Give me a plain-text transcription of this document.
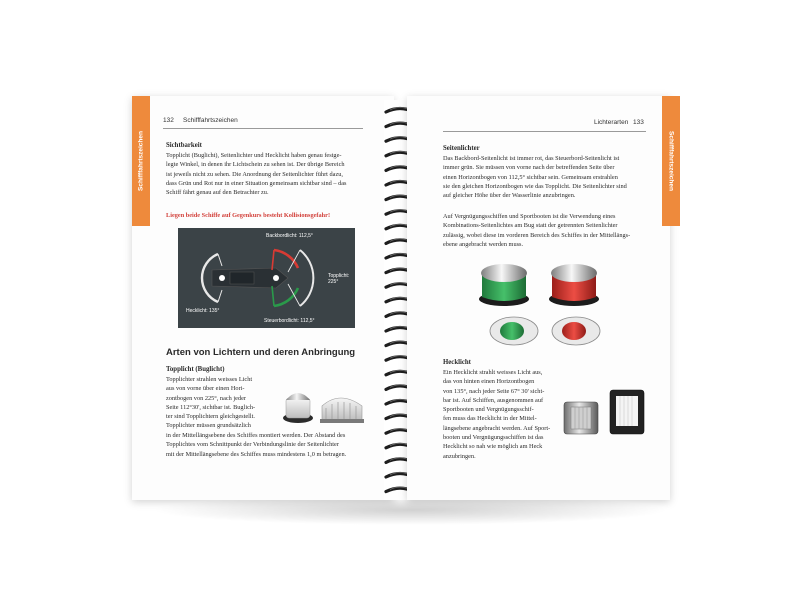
Schifffahrtszeichen
132 Schifffahrtszeichen
Sichtbarkeit
Topplicht (Buglicht), Seitenlichter und Hecklicht haben genau festge-
legte Winkel, in denen ihr Lichtschein zu sehen ist. Der übrige Bereich
ist jeweils nicht zu sehen. Die Anordnung der Seitenlichter führt dazu,
dass Grün und Rot nur in einer Situation gemeinsam sichtbar sind – das
Schiff fährt genau auf den Betrachter zu.
Liegen beide Schiffe auf Gegenkurs besteht Kollisionsgefahr!
Backbordlicht: 112,5°
Topplicht:
225°
Hecklicht: 135°
Steuerbordlicht: 112,5°
Arten von Lichtern und deren Anbringung
Topplicht (Buglicht)
Topplichter strahlen weisses Licht
aus von vorne über einen Hori-
zontbogen von 225°, nach jeder
Seite 112°30', sichtbar ist. Buglich-
ter sind Topplichtern gleichgestellt.
Topplichter müssen grundsätzlich
in der Mittellängsebene des Schiffes montiert werden. Der Abstand des
Topplichtes vom Schnittpunkt der Verbindungslinie der Seitenlichter
mit der Mittellängsebene des Schiffes muss mindestens 1,0 m betragen.
Schifffahrtszeichen
Lichterarten 133
Seitenlichter
Das Backbord-Seitenlicht ist immer rot, das Steuerbord-Seitenlicht ist
immer grün. Sie müssen von vorne nach der betreffenden Seite über
einen Horizontbogen von 112,5° sichtbar sein. Gemeinsam erstrahlen
sie den gleichen Horizontbogen wie das Topplicht. Die Seitenlichter sind
auf gleicher Höhe über der Wasserlinie anzubringen.
Auf Vergnügungsschiffen und Sportbooten ist die Verwendung eines
Kombinations-Seitenlichtes am Bug statt der getrennten Seitenlichter
zulässig, wobei diese im vorderen Bereich des Schiffes in der Mittellängs-
ebene angebracht werden muss.
Hecklicht
Ein Hecklicht strahlt weisses Licht aus,
das von hinten einen Horizontbogen
von 135°, nach jeder Seite 67° 30' sicht-
bar ist. Auf Schiffen, ausgenommen auf
Sportbooten und Vergnügungsschif-
fen muss das Hecklicht in der Mittel-
längsebene angebracht werden. Auf Sport-
booten und Vergnügungsschiffen ist das
Hecklicht so nah wie möglich am Heck
anzubringen.
